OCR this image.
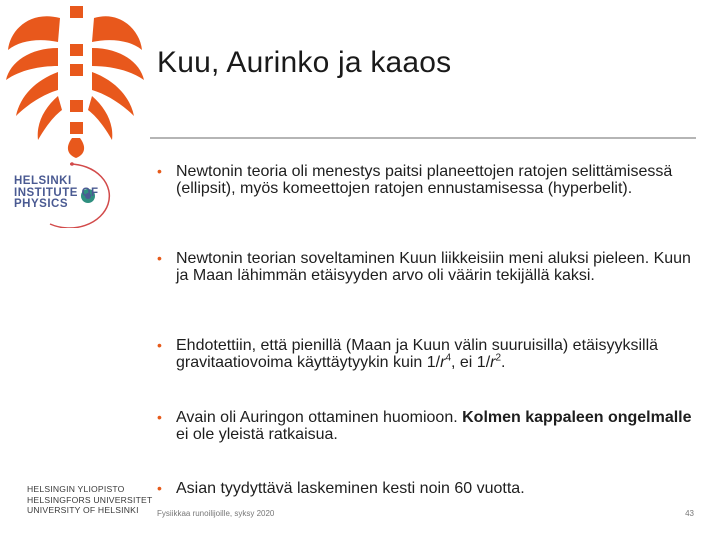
Kuu, Aurinko ja kaaos
HELSINKI
INSTITUTE OF
PHYSICS
HELSINGIN YLIOPISTO
HELSINGFORS UNIVERSITET
UNIVERSITY OF HELSINKI
• Newtonin teoria oli menestys paitsi planeettojen ratojen selittämisessä (ellipsit), myös komeettojen ratojen ennustamisessa (hyperbelit).
• Newtonin teorian soveltaminen Kuun liikkeisiin meni aluksi pieleen. Kuun ja Maan lähimmän etäisyyden arvo oli väärin tekijällä kaksi.
• Ehdotettiin, että pienillä (Maan ja Kuun välin suuruisilla) etäisyyksillä gravitaatiovoima käyttäytyykin kuin $1/r^4$, ei $1/r^2$.
• Avain oli Auringon ottaminen huomioon. Kolmen kappaleen ongelmalle ei ole yleistä ratkaisua.
• Asian tyydyttävä laskeminen kesti noin 60 vuotta.
Fysiikkaa runoilijoille, syksy 2020	43
